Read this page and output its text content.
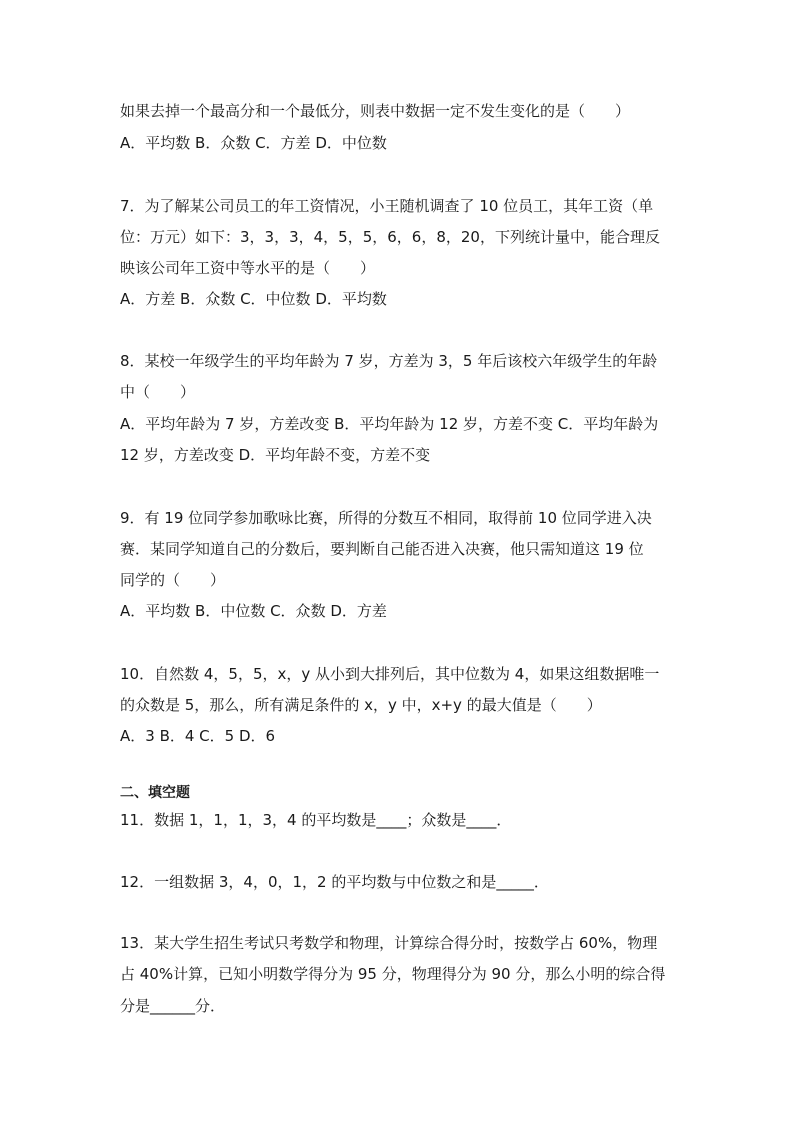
如果去掉一个最高分和一个最低分，则表中数据一定不发生变化的是（　　）
A．平均数 B．众数 C．方差 D．中位数
7．为了解某公司员工的年工资情况，小王随机调查了 10 位员工，其年工资（单
位：万元）如下：3，3，3，4，5，5，6，6，8，20，下列统计量中，能合理反
映该公司年工资中等水平的是（　　）
A．方差 B．众数 C．中位数 D．平均数
8．某校一年级学生的平均年龄为 7 岁，方差为 3，5 年后该校六年级学生的年龄
中（　　）
A．平均年龄为 7 岁，方差改变 B．平均年龄为 12 岁，方差不变 C．平均年龄为
12 岁，方差改变 D．平均年龄不变，方差不变
9．有 19 位同学参加歌咏比赛，所得的分数互不相同，取得前 10 位同学进入决
赛．某同学知道自己的分数后，要判断自己能否进入决赛，他只需知道这 19 位
同学的（　　）
A．平均数 B．中位数 C．众数 D．方差
10．自然数 4，5，5，x，y 从小到大排列后，其中位数为 4，如果这组数据唯一
的众数是 5，那么，所有满足条件的 x，y 中，x+y 的最大值是（　　）
A．3 B．4 C．5 D．6
二、填空题
11．数据 1，1，1，3，4 的平均数是____；众数是____．
12．一组数据 3，4，0，1，2 的平均数与中位数之和是_____．
13．某大学生招生考试只考数学和物理，计算综合得分时，按数学占 60%，物理
占 40%计算，已知小明数学得分为 95 分，物理得分为 90 分，那么小明的综合得
分是______分．
